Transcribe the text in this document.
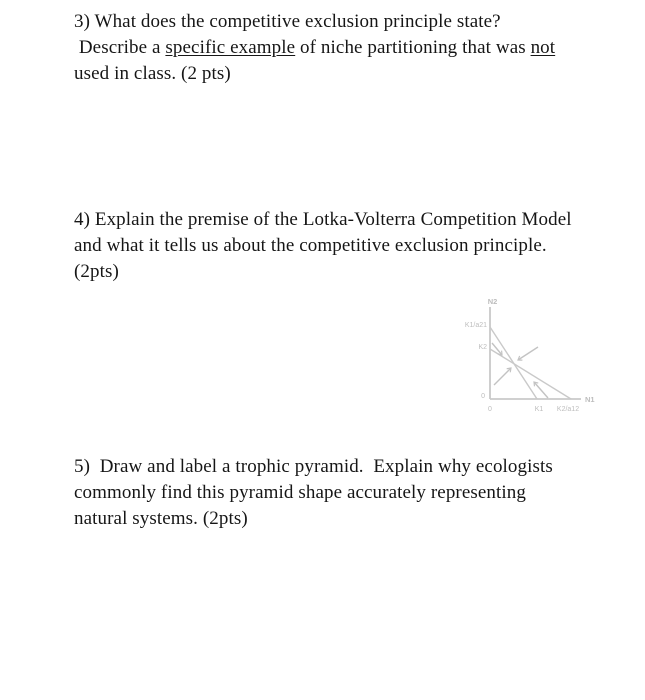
3) What does the competitive exclusion principle state?
Describe a specific example of niche partitioning that was not
used in class. (2 pts)
4) Explain the premise of the Lotka-Volterra Competition Model
and what it tells us about the competitive exclusion principle.
(2pts)
N2
N1
K1/a21
K2
0
0	K1 K2/a12
5)  Draw and label a trophic pyramid.  Explain why ecologists
commonly find this pyramid shape accurately representing
natural systems. (2pts)
